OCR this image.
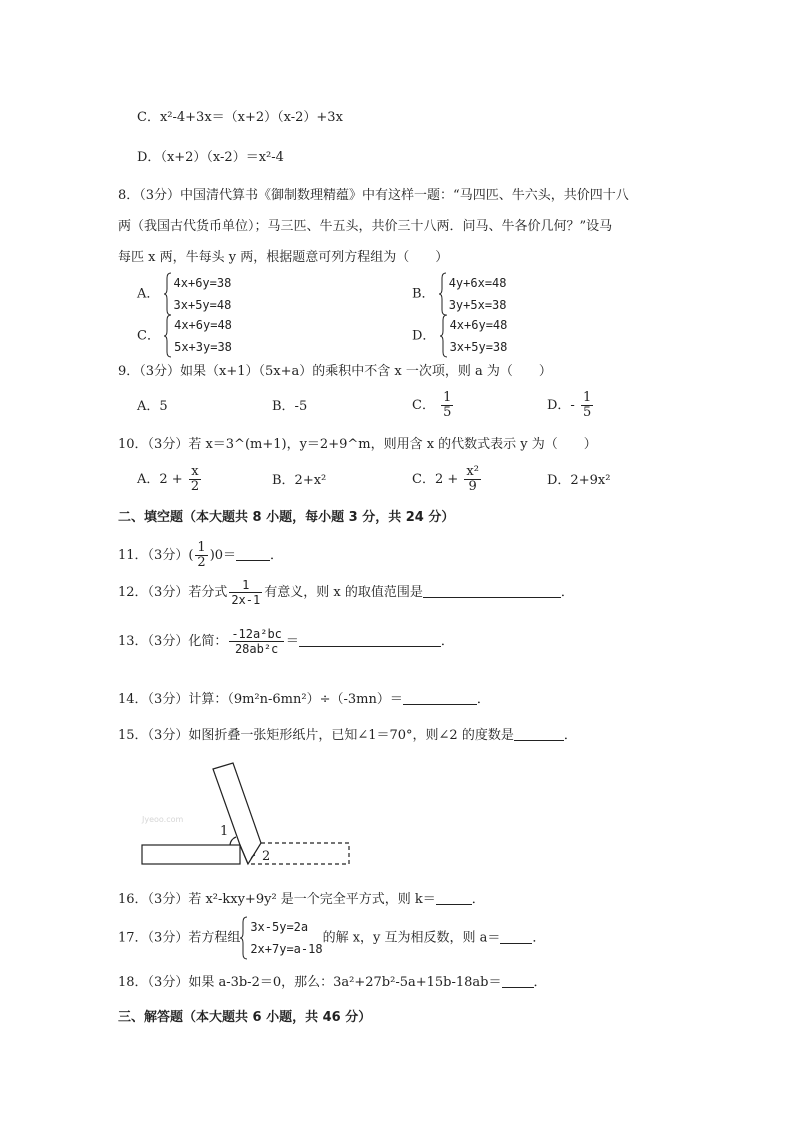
C．x²-4+3x＝（x+2）（x-2）+3x
D．（x+2）（x-2）＝x²-4
8．（3分）中国清代算书《御制数理精蕴》中有这样一题：“马四匹、牛六头，共价四十八
两（我国古代货币单位）；马三匹、牛五头，共价三十八两．问马、牛各价几何？”设马
每匹 x 两，牛每头 y 两，根据题意可列方程组为（　　）
A．
4x+6y=38
3x+5y=48
B．
4y+6x=48
3y+5x=38
C．
4x+6y=48
5x+3y=38
D．
4x+6y=48
3x+5y=38
9．（3分）如果（x+1）（5x+a）的乘积中不含 x 一次项，则 a 为（　　）
A．5	B．-5	C． $\frac{1}{5}$	D．- $\frac{1}{5}$
10．（3分）若 x＝3^(m+1)，y＝2+9^m，则用含 x 的代数式表示 y 为（　　）
A．$2 + \frac{x}{2}$	B．2+x²	C．$2 + \frac{\text{x²}}{9}$	D．2+9x²
二、填空题（本大题共 8 小题，每小题 3 分，共 24 分）
11．（3分）( $\frac{1}{2} )0=$	．
12．（3分）若分式 $\frac{1}{2x-1}$ 有意义，则 x 的取值范围是	．
13．（3分）化简： $\frac{\text{-12a²bc}}{\text{28ab²c}}$ ＝	．
14．（3分）计算：（9m²n-6mn²）÷（-3mn）＝	．
15．（3分）如图折叠一张矩形纸片，已知∠1＝70°，则∠2 的度数是	．
1
2
Jyeoo.com
16．（3分）若 x²-kxy+9y² 是一个完全平方式，则 k＝	．
17．（3分）若方程组
3x-5y=2a
2x+7y=a-18
的解 x，y 互为相反数，则 a＝ ．
18．（3分）如果 a-3b-2＝0，那么：3a²+27b²-5a+15b-18ab＝ ．
三、解答题（本大题共 6 小题，共 46 分）
